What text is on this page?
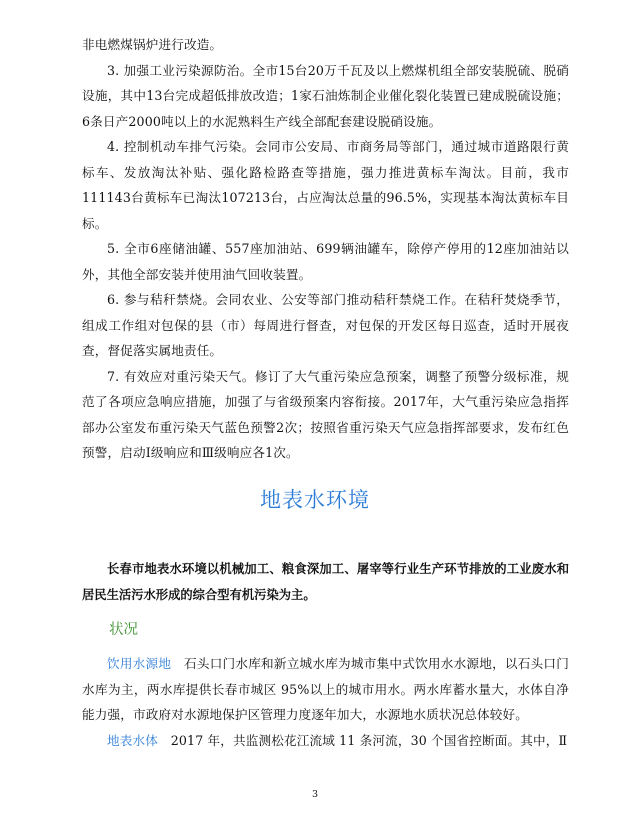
非电燃煤锅炉进行改造。

3. 加强工业污染源防治。全市15台20万千瓦及以上燃煤机组全部安装脱硫、脱硝设施，其中13台完成超低排放改造；1家石油炼制企业催化裂化装置已建成脱硫设施；6条日产2000吨以上的水泥熟料生产线全部配套建设脱硝设施。

4. 控制机动车排气污染。会同市公安局、市商务局等部门，通过城市道路限行黄标车、发放淘汰补贴、强化路检路查等措施，强力推进黄标车淘汰。目前，我市111143台黄标车已淘汰107213台，占应淘汰总量的96.5%，实现基本淘汰黄标车目标。

5. 全市6座储油罐、557座加油站、699辆油罐车，除停产停用的12座加油站以外，其他全部安装并使用油气回收装置。

6. 参与秸秆禁烧。会同农业、公安等部门推动秸秆禁烧工作。在秸秆焚烧季节，组成工作组对包保的县（市）每周进行督查，对包保的开发区每日巡查，适时开展夜查，督促落实属地责任。

7. 有效应对重污染天气。修订了大气重污染应急预案，调整了预警分级标准，规范了各项应急响应措施，加强了与省级预案内容衔接。2017年，大气重污染应急指挥部办公室发布重污染天气蓝色预警2次；按照省重污染天气应急指挥部要求，发布红色预警，启动Ⅰ级响应和Ⅲ级响应各1次。

地表水环境

长春市地表水环境以机械加工、粮食深加工、屠宰等行业生产环节排放的工业废水和居民生活污水形成的综合型有机污染为主。

状况

饮用水源地　石头口门水库和新立城水库为城市集中式饮用水水源地，以石头口门水库为主，两水库提供长春市城区 95%以上的城市用水。两水库蓄水量大，水体自净能力强，市政府对水源地保护区管理力度逐年加大，水源地水质状况总体较好。

地表水体　2017 年，共监测松花江流域 11 条河流，30 个国省控断面。其中，Ⅱ

3
